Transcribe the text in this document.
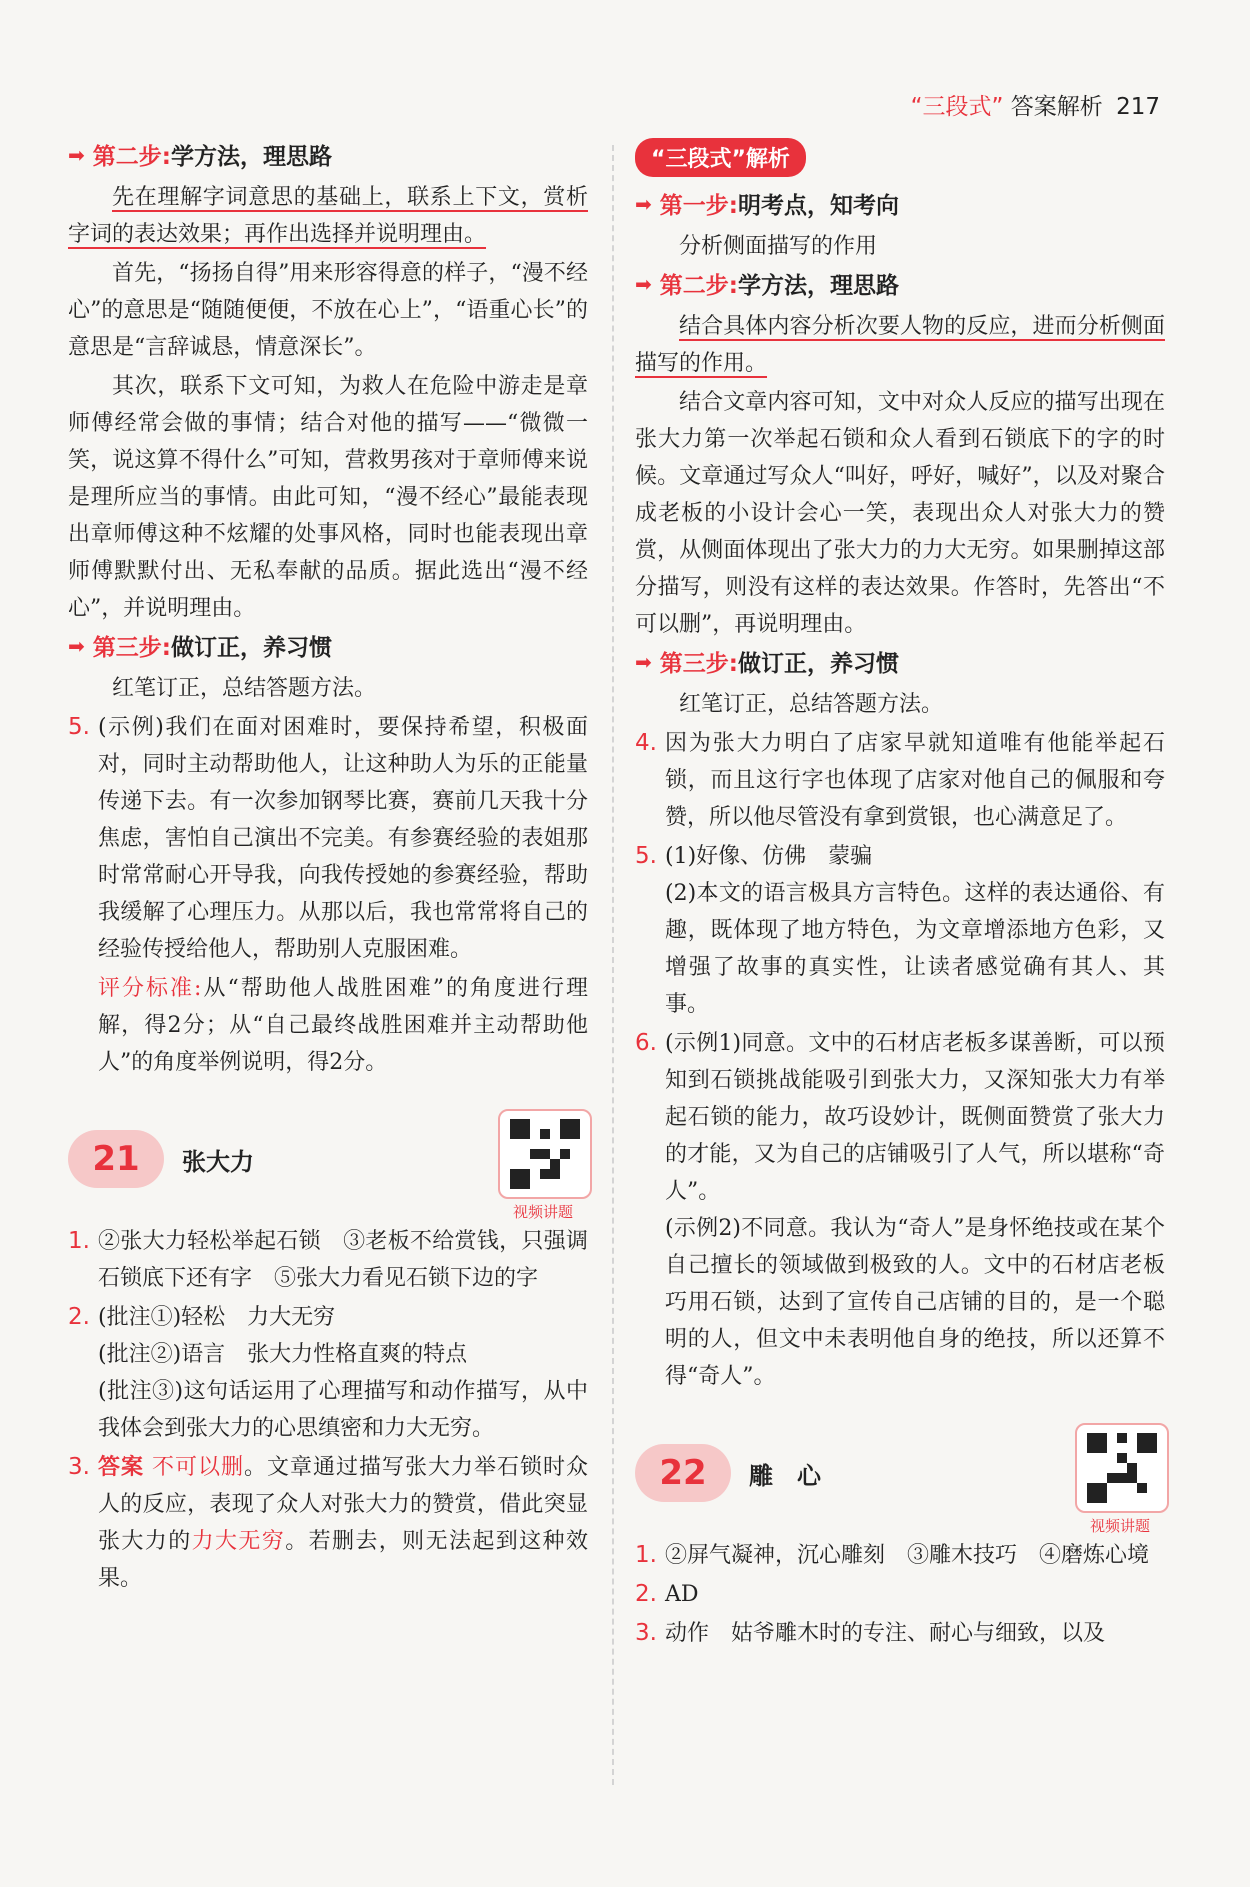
“三段式” 答案解析 217
➡ 第二步: 学方法，理思路

先在理解字词意思的基础上，联系上下文，赏析字词的表达效果；再作出选择并说明理由。

首先，“扬扬自得”用来形容得意的样子，“漫不经心”的意思是“随随便便，不放在心上”，“语重心长”的意思是“言辞诚恳，情意深长”。

其次，联系下文可知，为救人在危险中游走是章师傅经常会做的事情；结合对他的描写——“微微一笑，说这算不得什么”可知，营救男孩对于章师傅来说是理所应当的事情。由此可知，“漫不经心”最能表现出章师傅这种不炫耀的处事风格，同时也能表现出章师傅默默付出、无私奉献的品质。据此选出“漫不经心”，并说明理由。

➡ 第三步: 做订正，养习惯

红笔订正，总结答题方法。

5. (示例)我们在面对困难时，要保持希望，积极面对，同时主动帮助他人，让这种助人为乐的正能量传递下去。有一次参加钢琴比赛，赛前几天我十分焦虑，害怕自己演出不完美。有参赛经验的表姐那时常常耐心开导我，向我传授她的参赛经验，帮助我缓解了心理压力。从那以后，我也常常将自己的经验传授给他人，帮助别人克服困难。

评分标准:从“帮助他人战胜困难”的角度进行理解，得2分；从“自己最终战胜困难并主动帮助他人”的角度举例说明，得2分。

21	张大力
视频讲题
1. ②张大力轻松举起石锁　③老板不给赏钱，只强调石锁底下还有字　⑤张大力看见石锁下边的字
2. (批注①)轻松　力大无穷
(批注②)语言　张大力性格直爽的特点
(批注③)这句话运用了心理描写和动作描写，从中我体会到张大力的心思缜密和力大无穷。
3. 答案 不可以删。文章通过描写张大力举石锁时众人的反应，表现了众人对张大力的赞赏，借此突显张大力的力大无穷。若删去，则无法起到这种效果。
“三段式”解析
➡ 第一步: 明考点，知考向

分析侧面描写的作用

➡ 第二步: 学方法，理思路

结合具体内容分析次要人物的反应，进而分析侧面描写的作用。

结合文章内容可知，文中对众人反应的描写出现在张大力第一次举起石锁和众人看到石锁底下的字的时候。文章通过写众人“叫好，呼好，喊好”，以及对聚合成老板的小设计会心一笑，表现出众人对张大力的赞赏，从侧面体现出了张大力的力大无穷。如果删掉这部分描写，则没有这样的表达效果。作答时，先答出“不可以删”，再说明理由。

➡ 第三步: 做订正，养习惯

红笔订正，总结答题方法。

4. 因为张大力明白了店家早就知道唯有他能举起石锁，而且这行字也体现了店家对他自己的佩服和夸赞，所以他尽管没有拿到赏银，也心满意足了。
5. (1)好像、仿佛　蒙骗
(2)本文的语言极具方言特色。这样的表达通俗、有趣，既体现了地方特色，为文章增添地方色彩，又增强了故事的真实性，让读者感觉确有其人、其事。
6. (示例1)同意。文中的石材店老板多谋善断，可以预知到石锁挑战能吸引到张大力，又深知张大力有举起石锁的能力，故巧设妙计，既侧面赞赏了张大力的才能，又为自己的店铺吸引了人气，所以堪称“奇人”。
(示例2)不同意。我认为“奇人”是身怀绝技或在某个自己擅长的领域做到极致的人。文中的石材店老板巧用石锁，达到了宣传自己店铺的目的，是一个聪明的人，但文中未表明他自身的绝技，所以还算不得“奇人”。
22	雕　心
视频讲题
1. ②屏气凝神，沉心雕刻　③雕木技巧　④磨炼心境
2. AD
3. 动作　姑爷雕木时的专注、耐心与细致，以及
